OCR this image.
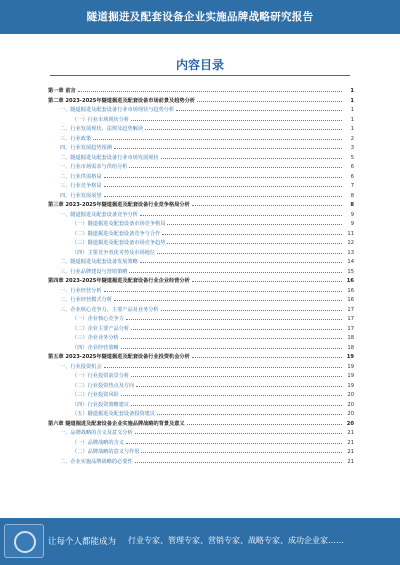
隧道掘进及配套设备企业实施品牌战略研究报告
内容目录
第一章 前言	1
第二章 2023-2025年隧道掘进及配套设备市场前景及趋势分析	1
一、隧道掘进及配套设备行业市场现状与趋势分析	1
（一）行业市场现状分析	1
二、行业发展现状、法规及趋势解读	1
三、行业政策	2
四、行业发展趋势预测	3
二、隧道掘进及配套设备行业市场发展现状	5
一、行业市场需求与供给分析	6
二、行业供需格局	6
三、行业竞争格局	7
四、行业发展展望	8
第三章 2023-2025年隧道掘进及配套设备行业竞争格局分析	8
一、隧道掘进及配套设备竞争分析	9
（一）隧道掘进及配套设备市场竞争格局	9
（二）隧道掘进及配套设备竞争与合作	11
（三）隧道掘进及配套设备市场竞争趋势	12
（四）主要竞争者优劣势及市场地位	13
二、隧道掘进及配套设备发展策略	14
三、行业品牌建设与营销策略	15
第四章 2023-2025年隧道掘进及配套设备行业企业经营分析	16
一、行业经营分析	16
二、行业经营模式分析	16
三、企业核心竞争力、主要产品及业务分析	17
（一）企业核心竞争力	17
（二）企业主要产品分析	17
（三）企业业务分析	18
（四）企业经营策略	18
第五章 2023-2025年隧道掘进及配套设备行业投资机会分析	19
一、行业投资机会	19
（一）行业投资前景分析	19
（二）行业投资热点及方向	19
（三）行业投资风险	20
（四）行业投资策略建议	20
（五）隧道掘进及配套设备投资建议	20
第六章 隧道掘进及配套设备企业实施品牌战略的背景及意义	20
一、品牌战略的含义及意义分析	21
（一）品牌战略的含义	21
（二）品牌战略的意义与作用	21
二、企业实施品牌战略的必要性	21
让每个人都能成为 行业专家、管理专家、营销专家、战略专家、成功企业家……
